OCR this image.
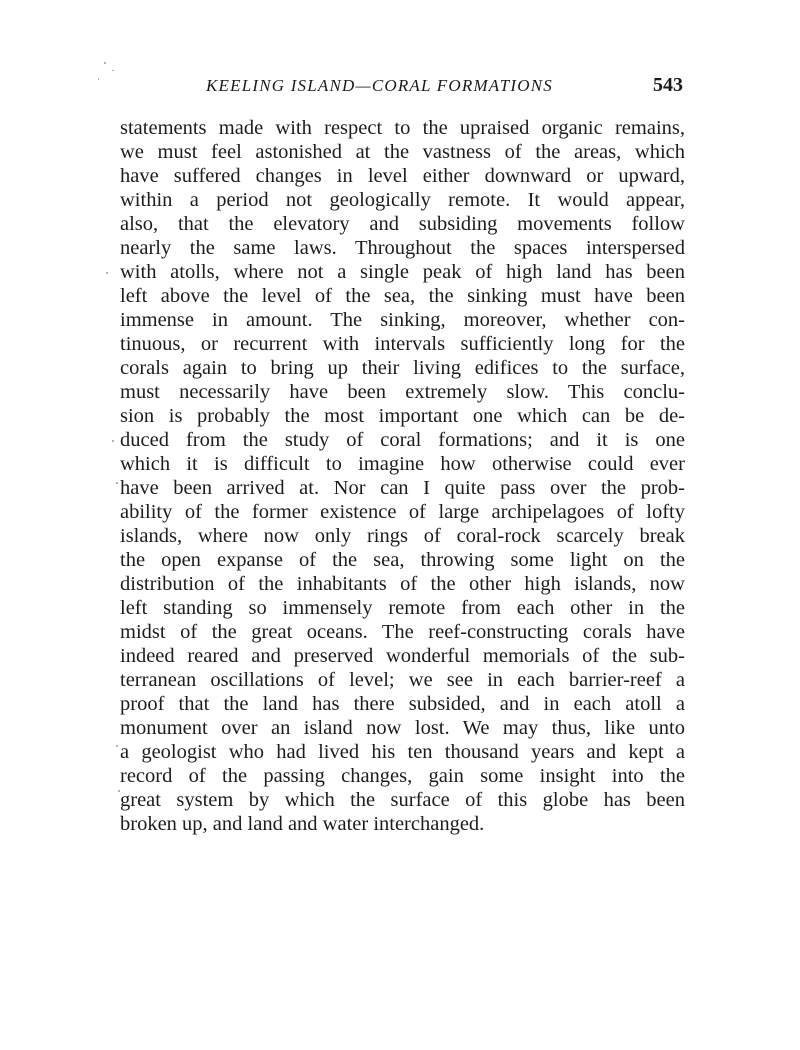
KEELING ISLAND—CORAL FORMATIONS	543
statements made with respect to the upraised organic remains,
we must feel astonished at the vastness of the areas, which
have suffered changes in level either downward or upward,
within a period not geologically remote. It would appear,
also, that the elevatory and subsiding movements follow
nearly the same laws. Throughout the spaces interspersed
with atolls, where not a single peak of high land has been
left above the level of the sea, the sinking must have been
immense in amount. The sinking, moreover, whether con-
tinuous, or recurrent with intervals sufficiently long for the
corals again to bring up their living edifices to the surface,
must necessarily have been extremely slow. This conclu-
sion is probably the most important one which can be de-
duced from the study of coral formations; and it is one
which it is difficult to imagine how otherwise could ever
have been arrived at. Nor can I quite pass over the prob-
ability of the former existence of large archipelagoes of lofty
islands, where now only rings of coral-rock scarcely break
the open expanse of the sea, throwing some light on the
distribution of the inhabitants of the other high islands, now
left standing so immensely remote from each other in the
midst of the great oceans. The reef-constructing corals have
indeed reared and preserved wonderful memorials of the sub-
terranean oscillations of level; we see in each barrier-reef a
proof that the land has there subsided, and in each atoll a
monument over an island now lost. We may thus, like unto
a geologist who had lived his ten thousand years and kept a
record of the passing changes, gain some insight into the
great system by which the surface of this globe has been
broken up, and land and water interchanged.
